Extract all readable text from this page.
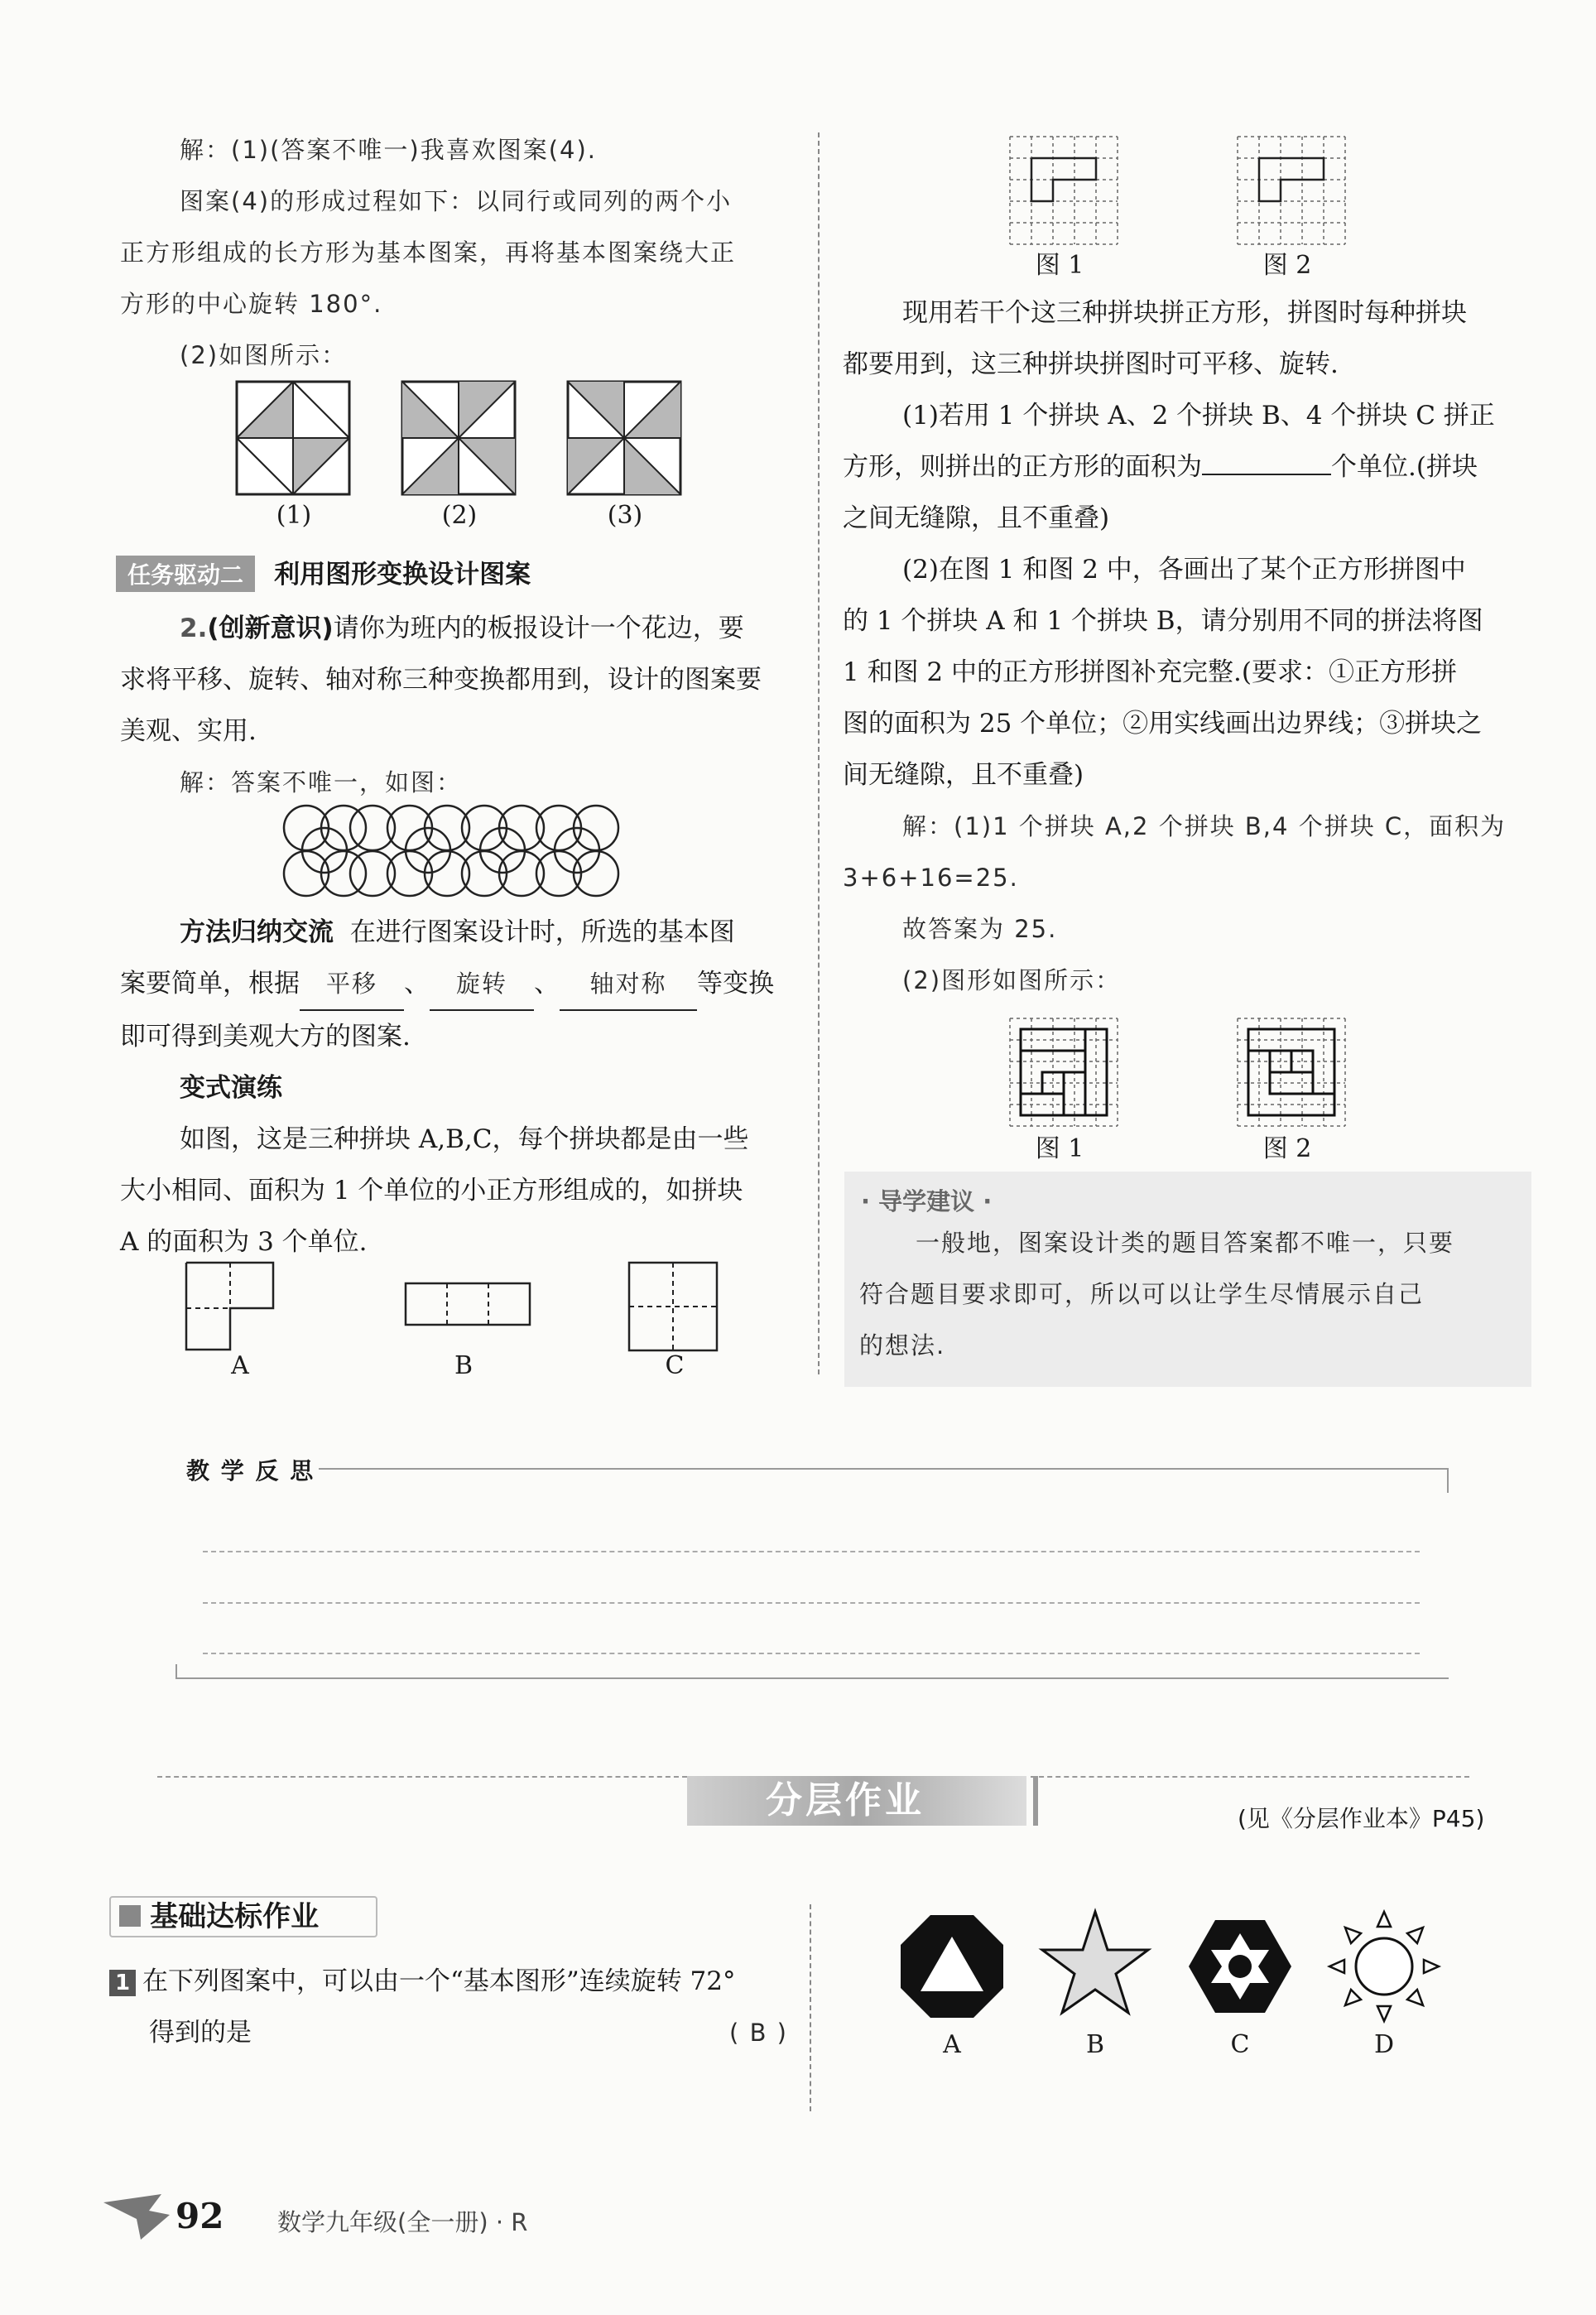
解：(1)(答案不唯一)我喜欢图案(4).

图案(4)的形成过程如下：以同行或同列的两个小

正方形组成的长方形为基本图案，再将基本图案绕大正

方形的中心旋转 180°.

(2)如图所示：

(1)	(2)	(3)
任务驱动二 利用图形变换设计图案

2.(创新意识)请你为班内的板报设计一个花边，要

求将平移、旋转、轴对称三种变换都用到，设计的图案要

美观、实用.

解：答案不唯一，如图：

方法归纳交流 在进行图案设计时，所选的基本图

案要简单，根据 平移 、 旋转 、 轴对称 等变换

即可得到美观大方的图案.

变式演练

如图，这是三种拼块 A,B,C，每个拼块都是由一些

大小相同、面积为 1 个单位的小正方形组成的，如拼块

A 的面积为 3 个单位.

A	B	C
图 1	图 2

现用若干个这三种拼块拼正方形，拼图时每种拼块

都要用到，这三种拼块拼图时可平移、旋转.

(1)若用 1 个拼块 A、2 个拼块 B、4 个拼块 C 拼正

方形，则拼出的正方形的面积为	个单位.(拼块

之间无缝隙，且不重叠)

(2)在图 1 和图 2 中，各画出了某个正方形拼图中

的 1 个拼块 A 和 1 个拼块 B，请分别用不同的拼法将图

1 和图 2 中的正方形拼图补充完整.(要求：①正方形拼

图的面积为 25 个单位；②用实线画出边界线；③拼块之

间无缝隙，且不重叠)

解：(1)1 个拼块 A,2 个拼块 B,4 个拼块 C，面积为

3+6+16=25.

故答案为 25.

(2)图形如图所示：

图 1	图 2
· 导学建议 ·

一般地，图案设计类的题目答案都不唯一，只要

符合题目要求即可，所以可以让学生尽情展示自己

的想法.

教 学 反 思
分层作业	(见《分层作业本》P45)
基础达标作业

1 在下列图案中，可以由一个“基本图形”连续旋转 72°

得到的是	( B )	A	B	C	D
92 数学九年级(全一册) · R
